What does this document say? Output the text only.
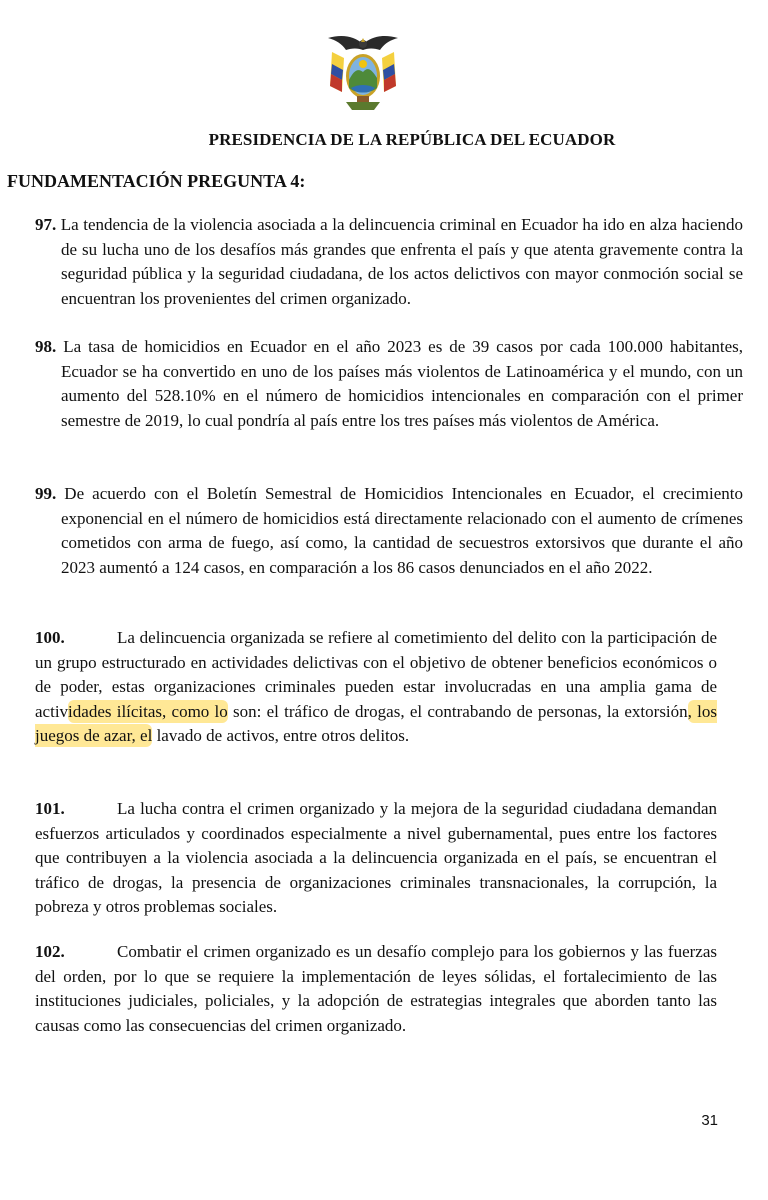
PRESIDENCIA DE LA REPÚBLICA DEL ECUADOR
FUNDAMENTACIÓN PREGUNTA 4:
97. La tendencia de la violencia asociada a la delincuencia criminal en Ecuador ha ido en alza haciendo de su lucha uno de los desafíos más grandes que enfrenta el país y que atenta gravemente contra la seguridad pública y la seguridad ciudadana, de los actos delictivos con mayor conmoción social se encuentran los provenientes del crimen organizado.
98. La tasa de homicidios en Ecuador en el año 2023 es de 39 casos por cada 100.000 habitantes, Ecuador se ha convertido en uno de los países más violentos de Latinoamérica y el mundo, con un aumento del 528.10% en el número de homicidios intencionales en comparación con el primer semestre de 2019, lo cual pondría al país entre los tres países más violentos de América.
99. De acuerdo con el Boletín Semestral de Homicidios Intencionales en Ecuador, el crecimiento exponencial en el número de homicidios está directamente relacionado con el aumento de crímenes cometidos con arma de fuego, así como, la cantidad de secuestros extorsivos que durante el año 2023 aumentó a 124 casos, en comparación a los 86 casos denunciados en el año 2022.
100.	La delincuencia organizada se refiere al cometimiento del delito con la participación de un grupo estructurado en actividades delictivas con el objetivo de obtener beneficios económicos o de poder, estas organizaciones criminales pueden estar involucradas en una amplia gama de actividades ilícitas, como lo son: el tráfico de drogas, el contrabando de personas, la extorsión, los juegos de azar, el lavado de activos, entre otros delitos.
101.	La lucha contra el crimen organizado y la mejora de la seguridad ciudadana demandan esfuerzos articulados y coordinados especialmente a nivel gubernamental, pues entre los factores que contribuyen a la violencia asociada a la delincuencia organizada en el país, se encuentran el tráfico de drogas, la presencia de organizaciones criminales transnacionales, la corrupción, la pobreza y otros problemas sociales.
102.	Combatir el crimen organizado es un desafío complejo para los gobiernos y las fuerzas del orden, por lo que se requiere la implementación de leyes sólidas, el fortalecimiento de las instituciones judiciales, policiales, y la adopción de estrategias integrales que aborden tanto las causas como las consecuencias del crimen organizado.
31
